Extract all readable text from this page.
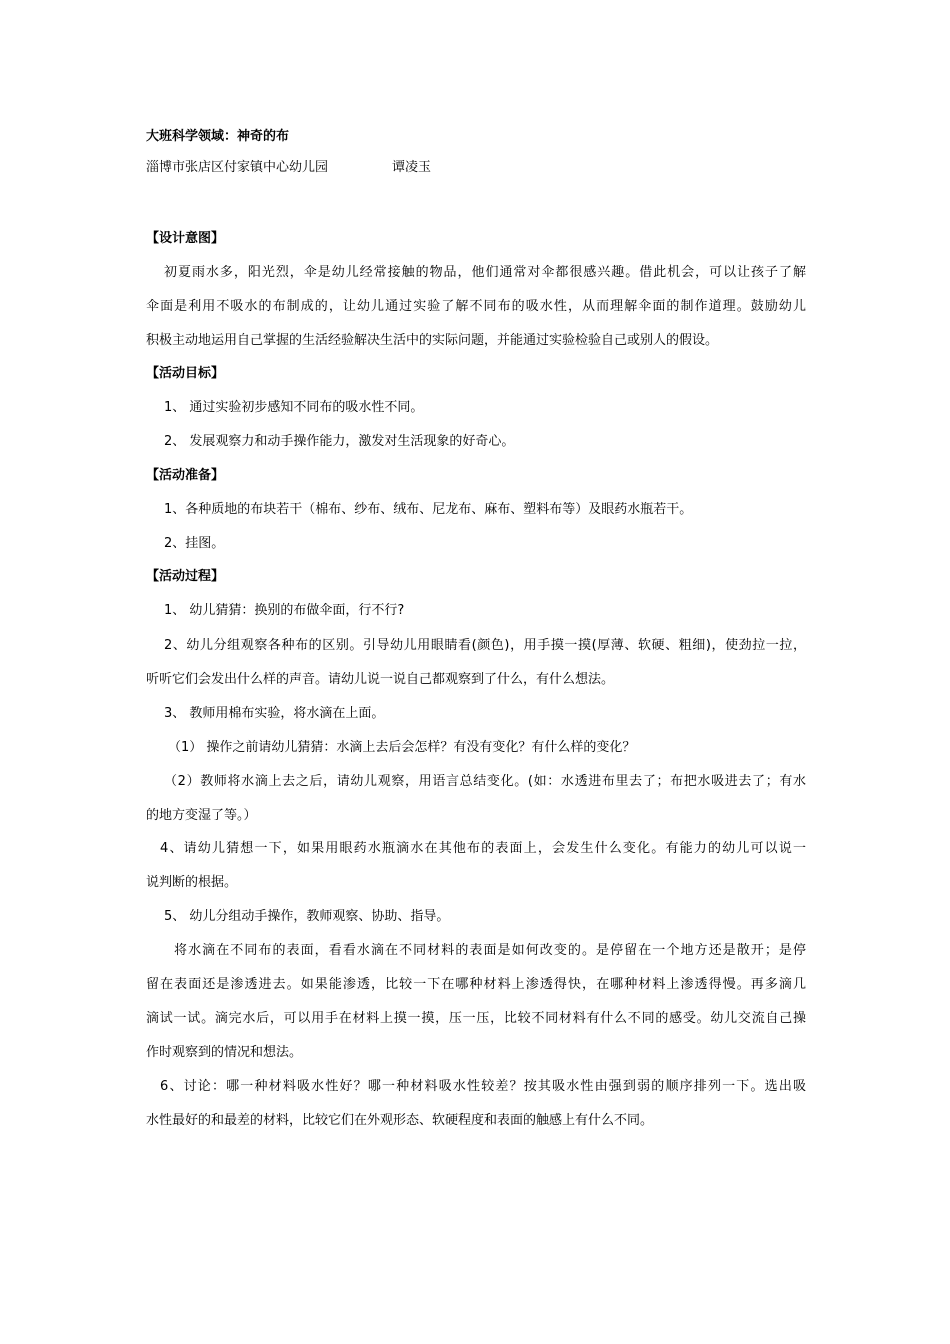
大班科学领域：神奇的布
淄博市张店区付家镇中心幼儿园	谭凌玉
【设计意图】
初夏雨水多，阳光烈，伞是幼儿经常接触的物品，他们通常对伞都很感兴趣。借此机会，可以让孩子了解
伞面是利用不吸水的布制成的，让幼儿通过实验了解不同布的吸水性，从而理解伞面的制作道理。鼓励幼儿
积极主动地运用自己掌握的生活经验解决生活中的实际问题，并能通过实验检验自己或别人的假设。
【活动目标】
1、 通过实验初步感知不同布的吸水性不同。
2、 发展观察力和动手操作能力，激发对生活现象的好奇心。
【活动准备】
1、各种质地的布块若干（棉布、纱布、绒布、尼龙布、麻布、塑料布等）及眼药水瓶若干。
2、挂图。
【活动过程】
1、 幼儿猜猜：换别的布做伞面，行不行?
2、幼儿分组观察各种布的区别。引导幼儿用眼睛看(颜色)，用手摸一摸(厚薄、软硬、粗细)，使劲拉一拉，
听听它们会发出什么样的声音。请幼儿说一说自己都观察到了什么，有什么想法。
3、 教师用棉布实验，将水滴在上面。
（1） 操作之前请幼儿猜猜：水滴上去后会怎样？有没有变化？有什么样的变化？
（2）教师将水滴上去之后，请幼儿观察，用语言总结变化。(如：水透进布里去了；布把水吸进去了；有水
的地方变湿了等。）
4、请幼儿猜想一下，如果用眼药水瓶滴水在其他布的表面上，会发生什么变化。有能力的幼儿可以说一
说判断的根据。
5、 幼儿分组动手操作，教师观察、协助、指导。
将水滴在不同布的表面，看看水滴在不同材料的表面是如何改变的。是停留在一个地方还是散开；是停
留在表面还是渗透进去。如果能渗透，比较一下在哪种材料上渗透得快，在哪种材料上渗透得慢。再多滴几
滴试一试。滴完水后，可以用手在材料上摸一摸，压一压，比较不同材料有什么不同的感受。幼儿交流自己操
作时观察到的情况和想法。
6、讨论：哪一种材料吸水性好？哪一种材料吸水性较差？按其吸水性由强到弱的顺序排列一下。选出吸
水性最好的和最差的材料，比较它们在外观形态、软硬程度和表面的触感上有什么不同。
